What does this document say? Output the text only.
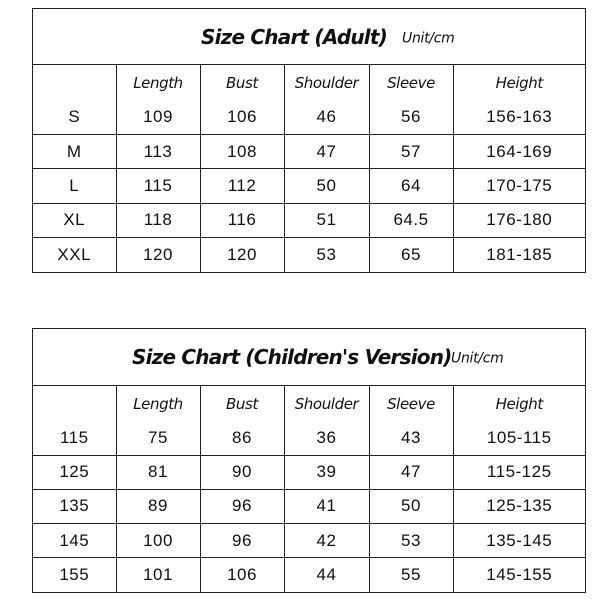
Size Chart (Adult) Unit/cm
	Length	Bust	Shoulder	Sleeve	Height
S	109	106	46	56	156-163
M	113	108	47	57	164-169
L	115	112	50	64	170-175
XL	118	116	51	64.5	176-180
XXL	120	120	53	65	181-185
Size Chart (Children's Version) Unit/cm
	Length	Bust	Shoulder	Sleeve	Height
115	75	86	36	43	105-115
125	81	90	39	47	115-125
135	89	96	41	50	125-135
145	100	96	42	53	135-145
155	101	106	44	55	145-155
